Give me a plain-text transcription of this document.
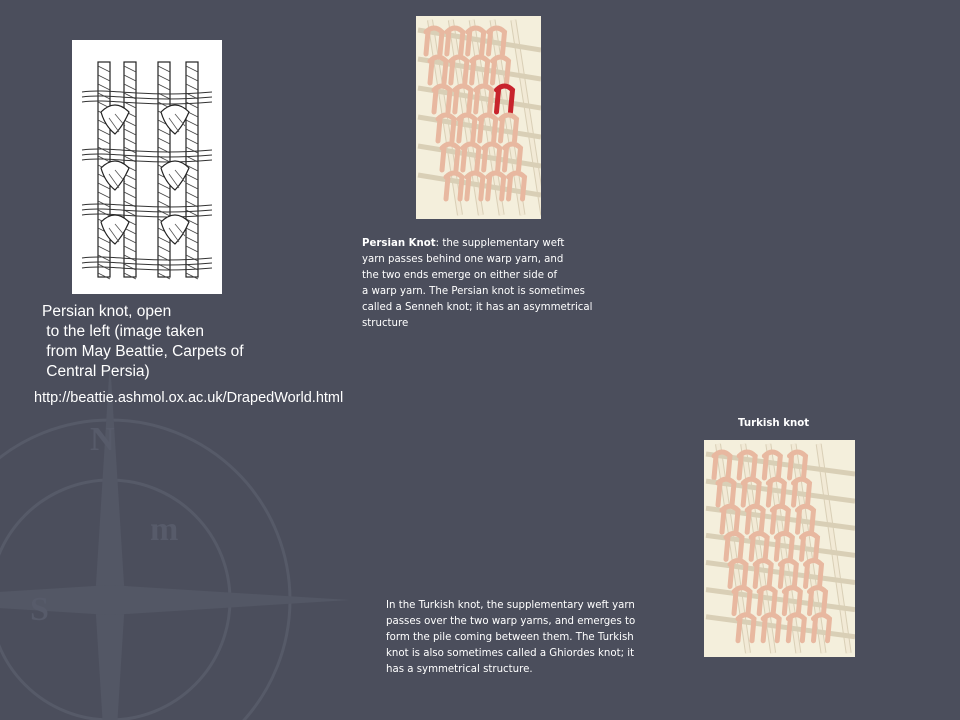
N
m
S
Persian knot, open
to the left (image taken
from May Beattie, Carpets of
Central Persia)
http://beattie.ashmol.ox.ac.uk/DrapedWorld.html
Persian Knot: the supplementary weft
yarn passes behind one warp yarn, and
the two ends emerge on either side of
a warp yarn. The Persian knot is sometimes
called a Senneh knot; it has an asymmetrical
structure
Turkish knot
In the Turkish knot, the supplementary weft yarn
passes over the two warp yarns, and emerges to
form the pile coming between them. The Turkish
knot is also sometimes called a Ghiordes knot; it
has a symmetrical structure.
